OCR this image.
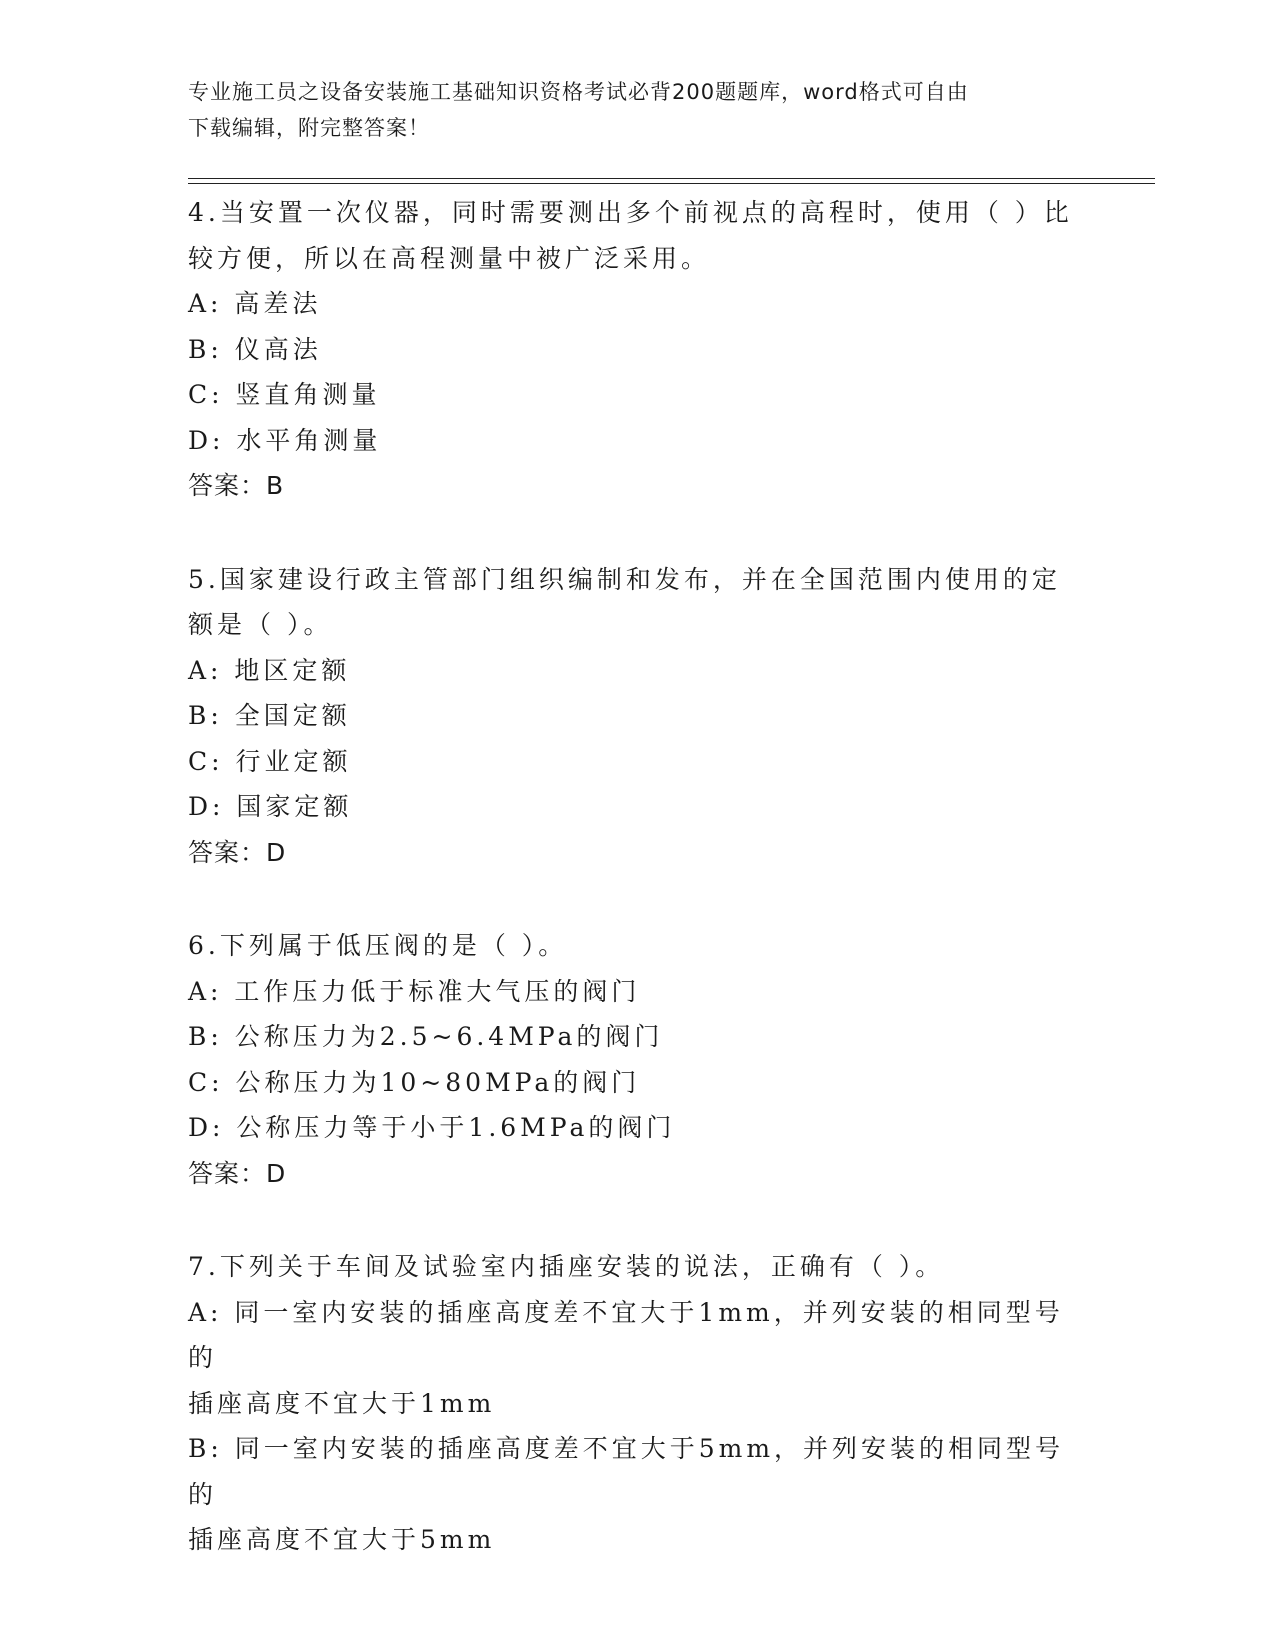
专业施工员之设备安装施工基础知识资格考试必背200题题库，word格式可自由
下载编辑，附完整答案！

4.当安置一次仪器，同时需要测出多个前视点的高程时，使用（ ）比

较方便，所以在高程测量中被广泛采用。

A: 高差法

B: 仪高法

C: 竖直角测量

D: 水平角测量

答案：B

5.国家建设行政主管部门组织编制和发布，并在全国范围内使用的定

额是（ ）。

A: 地区定额

B: 全国定额

C: 行业定额

D: 国家定额

答案：D

6.下列属于低压阀的是（ ）。

A: 工作压力低于标准大气压的阀门

B: 公称压力为2.5~6.4MPa的阀门

C: 公称压力为10~80MPa的阀门

D: 公称压力等于小于1.6MPa的阀门

答案：D

7.下列关于车间及试验室内插座安装的说法，正确有（ ）。

A: 同一室内安装的插座高度差不宜大于1mm，并列安装的相同型号的

插座高度不宜大于1mm

B: 同一室内安装的插座高度差不宜大于5mm，并列安装的相同型号的

插座高度不宜大于5mm
